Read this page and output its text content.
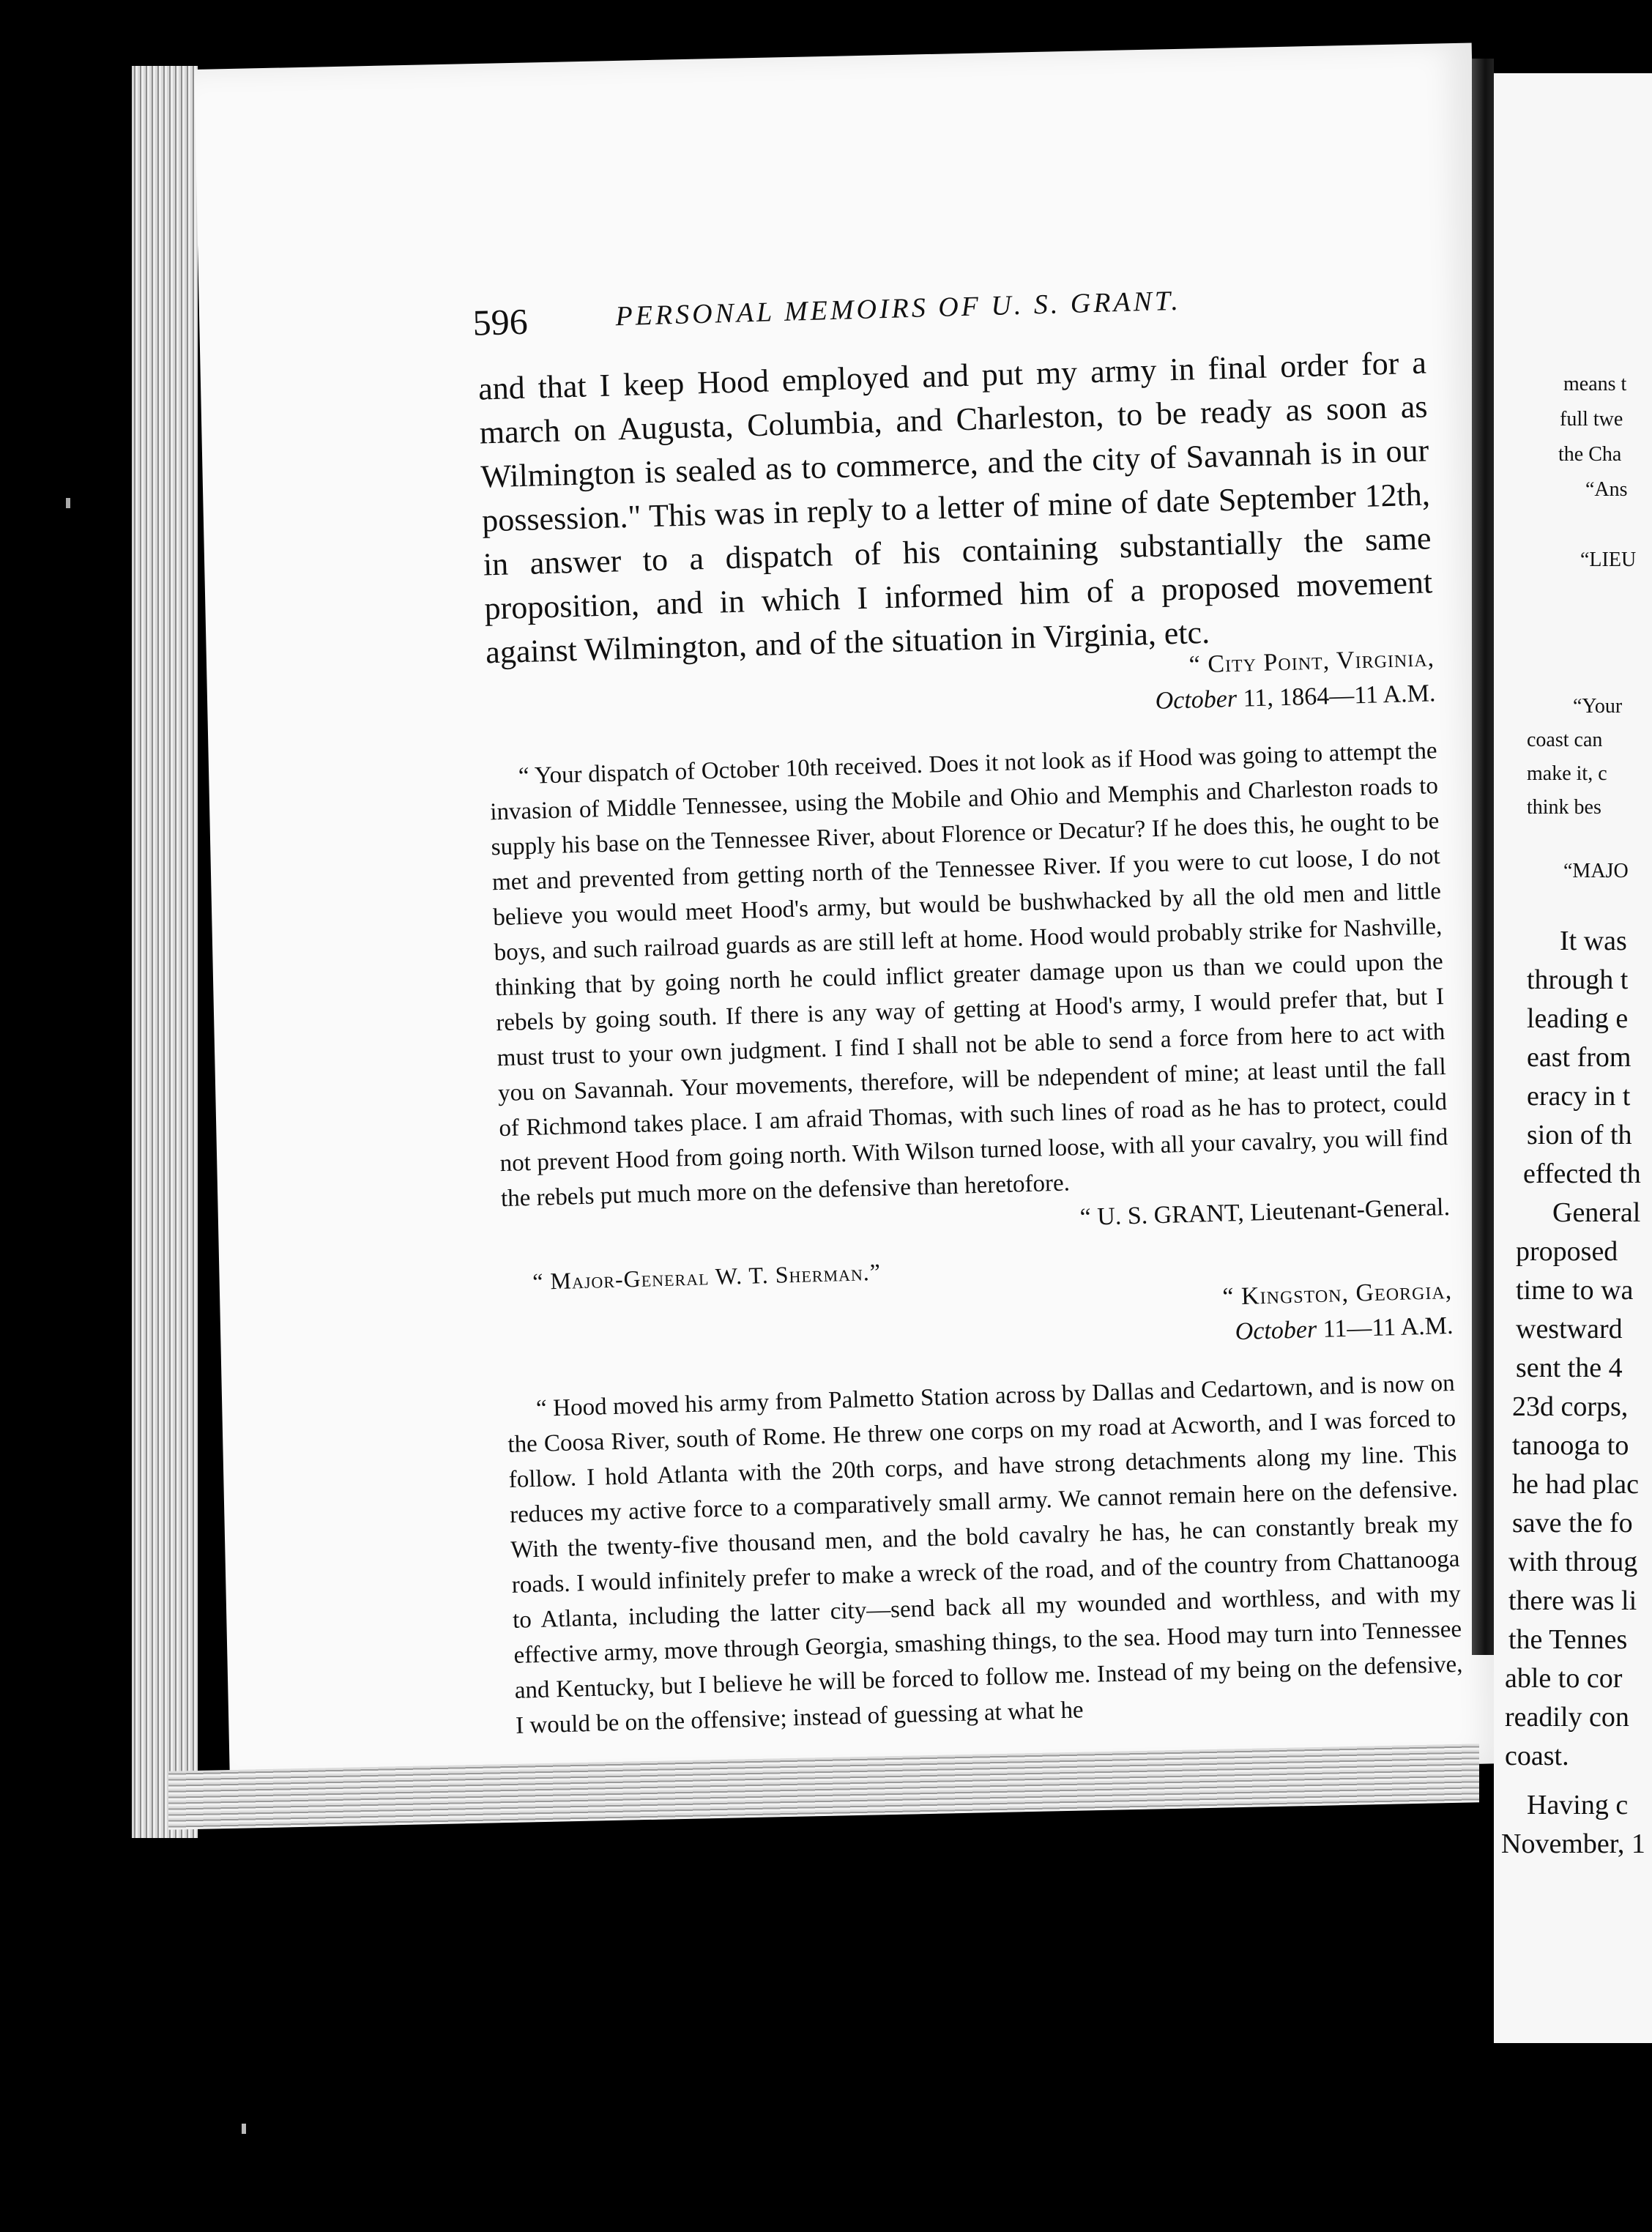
means t
full twe
the Cha
“Ans
“LIEU
“Your
coast can
make it, c
think bes
“MAJO
It was
through t
leading e
east from
eracy in t
sion of th
effected th
General
proposed
time to wa
westward
sent the 4
23d corps,
tanooga to
he had plac
save the fo
with throug
there was li
the Tennes
able to cor
readily con
coast.
Having c
November, 1
596	PERSONAL MEMOIRS OF U. S. GRANT.
and that I keep Hood employed and put my army in final order for a march on Augusta, Columbia, and Charleston, to be ready as soon as Wilmington is sealed as to commerce, and the city of Savannah is in our possession." This was in reply to a letter of mine of date September 12th, in answer to a dispatch of his containing substantially the same proposition, and in which I informed him of a proposed movement against Wilmington, and of the situation in Virginia, etc.
“ City Point, Virginia,
October 11, 1864—11 A.M.
“ Your dispatch of October 10th received. Does it not look as if Hood was going to attempt the invasion of Middle Tennessee, using the Mobile and Ohio and Memphis and Charleston roads to supply his base on the Tennessee River, about Florence or Decatur? If he does this, he ought to be met and prevented from getting north of the Tennessee River. If you were to cut loose, I do not believe you would meet Hood's army, but would be bushwhacked by all the old men and little boys, and such railroad guards as are still left at home. Hood would probably strike for Nashville, thinking that by going north he could inflict greater damage upon us than we could upon the rebels by going south. If there is any way of getting at Hood's army, I would prefer that, but I must trust to your own judgment. I find I shall not be able to send a force from here to act with you on Savannah. Your movements, therefore, will be ndependent of mine; at least until the fall of Richmond takes place. I am afraid Thomas, with such lines of road as he has to protect, could not prevent Hood from going north. With Wilson turned loose, with all your cavalry, you will find the rebels put much more on the defensive than heretofore.
“ U. S. GRANT, Lieutenant-General.
“ Major-General W. T. Sherman.”	“ Kingston, Georgia,
October 11—11 A.M.
“ Hood moved his army from Palmetto Station across by Dallas and Cedartown, and is now on the Coosa River, south of Rome. He threw one corps on my road at Acworth, and I was forced to follow. I hold Atlanta with the 20th corps, and have strong detachments along my line. This reduces my active force to a comparatively small army. We cannot remain here on the defensive. With the twenty-five thousand men, and the bold cavalry he has, he can constantly break my roads. I would infinitely prefer to make a wreck of the road, and of the country from Chattanooga to Atlanta, including the latter city—send back all my wounded and worthless, and with my effective army, move through Georgia, smashing things, to the sea. Hood may turn into Tennessee and Kentucky, but I believe he will be forced to follow me. Instead of my being on the defensive, I would be on the offensive; instead of guessing at what he
